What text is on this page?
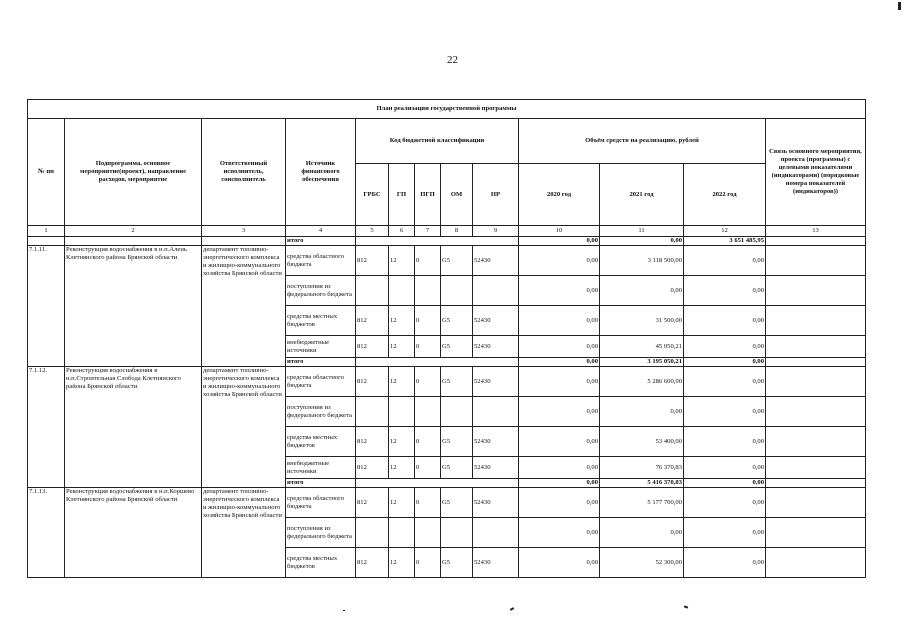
22
План реализации государственной программы												
№ пп	Подпрограмма, основное мероприятие(проект), направление расходов, мероприятие	Ответственный исполнитель, соисполнитель	Источник финансового обеспечения	Код бюджетной классификации					Объём средств на реализацию, рублей			Связь основного мероприятия, проекта (программы) с целевыми показателями (индикаторами) (порядковые номера показателей (индикаторов))
				ГРБС	ГП	ПГП	ОМ	НР	2020 год	2021 год	2022 год	
1	2	3	4	5	6	7	8	9	10	11	12	13
			итого						0,00	0,00	3 651 485,95	
7.1.11.	Реконструкция водоснабжения в н.п.Алень Клетнянского района Брянской области	департамент топливно-энергетического комплекса и жилищно-коммунального хозяйства Брянской области	средства областного бюджета	812	12	0	G5	52430	0,00	3 118 500,00	0,00	
			поступления из федерального бюджета						0,00	0,00	0,00	
			средства местных бюджетов	812	12	0	G5	52430	0,00	31 500,00	0,00	
			внебюджетные источники	812	12	0	G5	52430	0,00	45 050,21	0,00	
			итого						0,00	3 195 050,21	0,00	
7.1.12.	Реконструкция водоснабжения в н.п.Строительная Слобода Клетнянского района Брянской области	департамент топливно-энергетического комплекса и жилищно-коммунального хозяйства Брянской области	средства областного бюджета	812	12	0	G5	52430	0,00	5 286 600,00	0,00	
			поступления из федерального бюджета						0,00	0,00	0,00	
			средства местных бюджетов	812	12	0	G5	52430	0,00	53 400,00	0,00	
			внебюджетные источники	812	12	0	G5	52430	0,00	76 370,83	0,00	
			итого						0,00	5 416 370,83	0,00	
7.1.13.	Реконструкция водоснабжения в н.п.Коршево Клетнянского района Брянской области	департамент топливно-энергетического комплекса и жилищно-коммунального хозяйства Брянской области	средства областного бюджета	812	12	0	G5	52430	0,00	5 177 700,00	0,00	
			поступления из федерального бюджета						0,00	0,00	0,00	
			средства местных бюджетов	812	12	0	G5	52430	0,00	52 300,00	0,00	
